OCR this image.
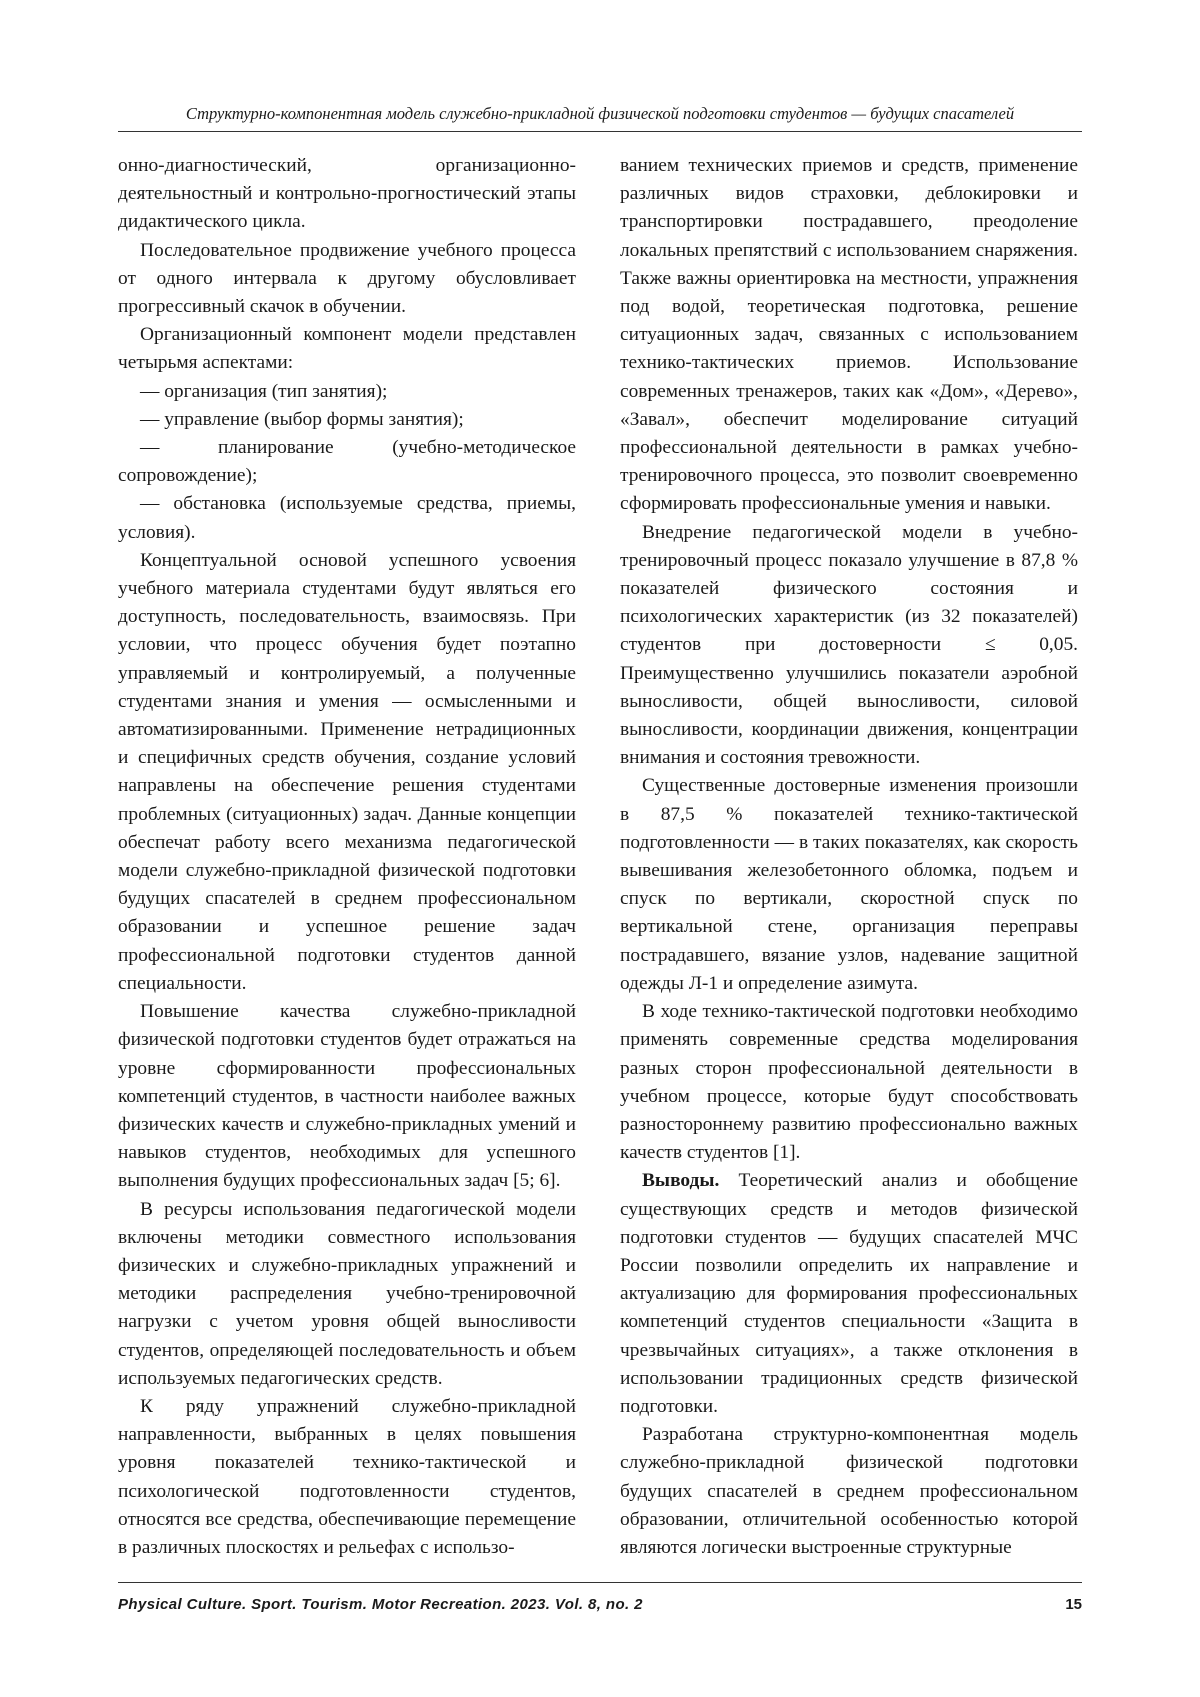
Структурно-компонентная модель служебно-прикладной физической подготовки студентов — будущих спасателей

онно-диагностический, организационно-деятельностный и контрольно-прогностический этапы дидактического цикла.

Последовательное продвижение учебного процесса от одного интервала к другому обусловливает прогрессивный скачок в обучении.

Организационный компонент модели представлен четырьмя аспектами:

— организация (тип занятия);

— управление (выбор формы занятия);

— планирование (учебно-методическое сопровождение);

— обстановка (используемые средства, приемы, условия).

Концептуальной основой успешного усвоения учебного материала студентами будут являться его доступность, последовательность, взаимосвязь. При условии, что процесс обучения будет поэтапно управляемый и контролируемый, а полученные студентами знания и умения — осмысленными и автоматизированными. Применение нетрадиционных и специфичных средств обучения, создание условий направлены на обеспечение решения студентами проблемных (ситуационных) задач. Данные концепции обеспечат работу всего механизма педагогической модели служебно-прикладной физической подготовки будущих спасателей в среднем профессиональном образовании и успешное решение задач профессиональной подготовки студентов данной специальности.

Повышение качества служебно-прикладной физической подготовки студентов будет отражаться на уровне сформированности профессиональных компетенций студентов, в частности наиболее важных физических качеств и служебно-прикладных умений и навыков студентов, необходимых для успешного выполнения будущих профессиональных задач [5; 6].

В ресурсы использования педагогической модели включены методики совместного использования физических и служебно-прикладных упражнений и методики распределения учебно-тренировочной нагрузки с учетом уровня общей выносливости студентов, определяющей последовательность и объем используемых педагогических средств.

К ряду упражнений служебно-прикладной направленности, выбранных в целях повышения уровня показателей технико-тактической и психологической подготовленности студентов, относятся все средства, обеспечивающие перемещение в различных плоскостях и рельефах с использо-

ванием технических приемов и средств, применение различных видов страховки, деблокировки и транспортировки пострадавшего, преодоление локальных препятствий с использованием снаряжения. Также важны ориентировка на местности, упражнения под водой, теоретическая подготовка, решение ситуационных задач, связанных с использованием технико-тактических приемов. Использование современных тренажеров, таких как «Дом», «Дерево», «Завал», обеспечит моделирование ситуаций профессиональной деятельности в рамках учебно-тренировочного процесса, это позволит своевременно сформировать профессиональные умения и навыки.

Внедрение педагогической модели в учебно-тренировочный процесс показало улучшение в 87,8 % показателей физического состояния и психологических характеристик (из 32 показателей) студентов при достоверности ≤ 0,05. Преимущественно улучшились показатели аэробной выносливости, общей выносливости, силовой выносливости, координации движения, концентрации внимания и состояния тревожности.

Существенные достоверные изменения произошли в 87,5 % показателей технико-тактической подготовленности — в таких показателях, как скорость вывешивания железобетонного обломка, подъем и спуск по вертикали, скоростной спуск по вертикальной стене, организация переправы пострадавшего, вязание узлов, надевание защитной одежды Л-1 и определение азимута.

В ходе технико-тактической подготовки необходимо применять современные средства моделирования разных сторон профессиональной деятельности в учебном процессе, которые будут способствовать разностороннему развитию профессионально важных качеств студентов [1].

Выводы. Теоретический анализ и обобщение существующих средств и методов физической подготовки студентов — будущих спасателей МЧС России позволили определить их направление и актуализацию для формирования профессиональных компетенций студентов специальности «Защита в чрезвычайных ситуациях», а также отклонения в использовании традиционных средств физической подготовки.

Разработана структурно-компонентная модель служебно-прикладной физической подготовки будущих спасателей в среднем профессиональном образовании, отличительной особенностью которой являются логически выстроенные структурные

Physical Culture. Sport. Tourism. Motor Recreation. 2023. Vol. 8, no. 2	15
